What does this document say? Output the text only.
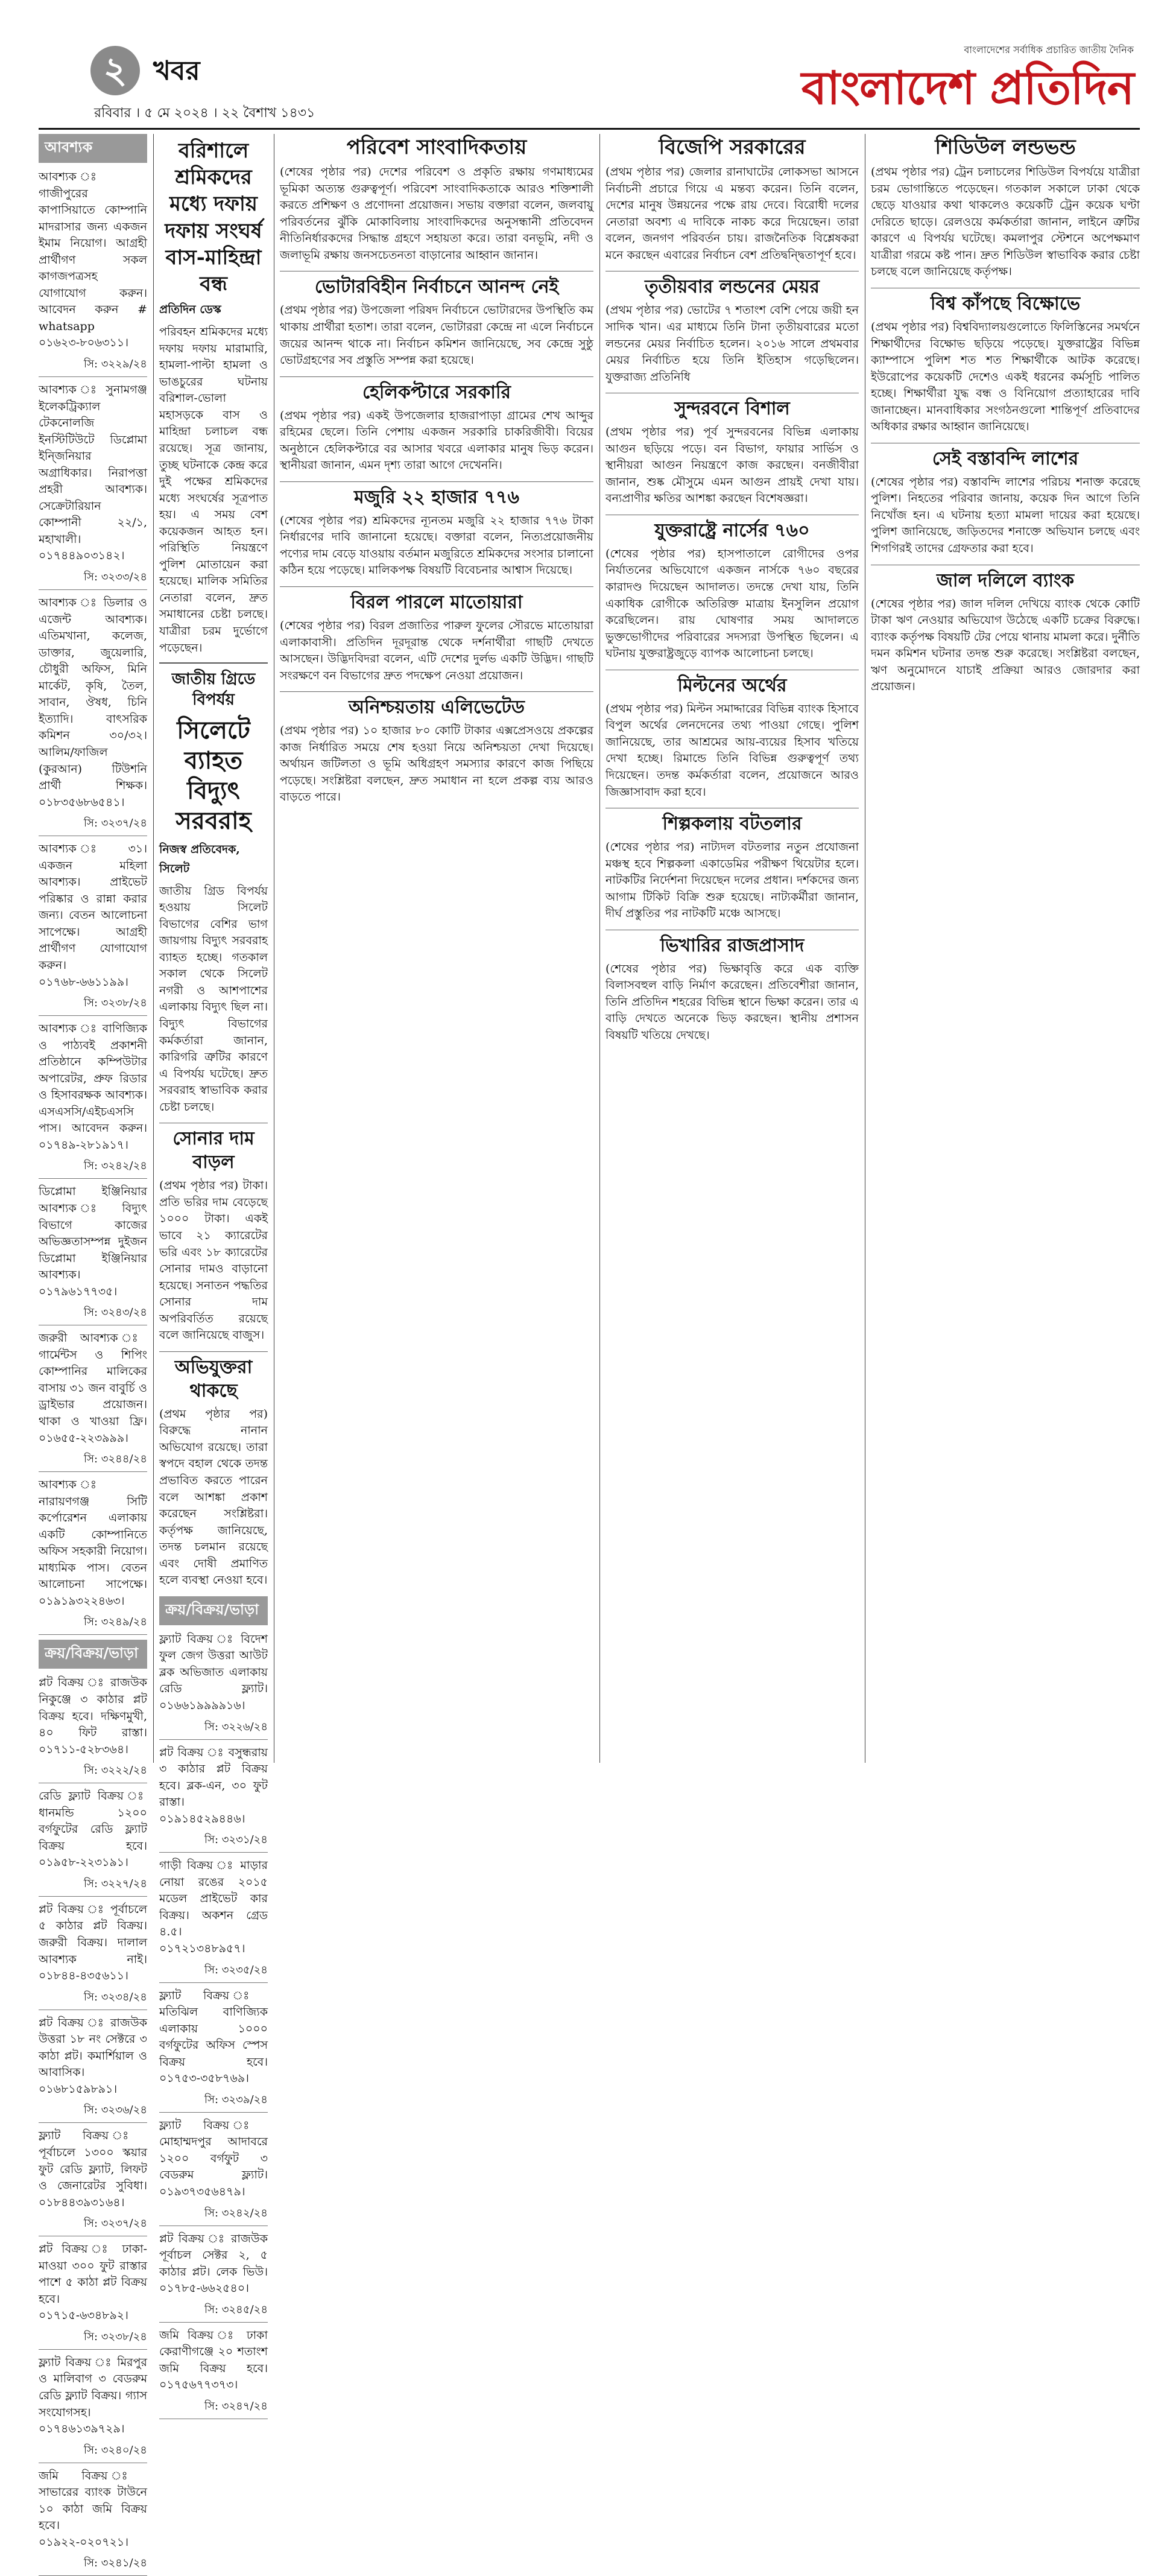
২ খবর
রবিবার । ৫ মে ২০২৪ । ২২ বৈশাখ ১৪৩১
বাংলাদেশের সর্বাধিক প্রচারিত জাতীয় দৈনিক
বাংলাদেশ প্রতিদিন
আবশ্যক

আবশ্যক ঃ গাজীপুরের কাপাসিয়াতে কোম্পানি মাদরাসার জন্য একজন ইমাম নিয়োগ। আগ্রহী প্রার্থীগণ সকল কাগজপত্রসহ যোগাযোগ করুন। আবেদন করুন # whatsapp ০১৬২৩-৮০৬৩১১।

সি: ৩২২৯/২৪

আবশ্যক ঃ সুনামগঞ্জ ইলেকট্রিক্যাল টেকনোলজি ইনস্টিটিউটে ডিপ্লোমা ইন্জিনিয়ার অগ্রাধিকার। নিরাপত্তা প্রহরী আবশ্যক। সেক্রেটারিয়ান কোম্পানী ২২/১, মহাখালী। ০১৭৪৪৯০৩১৪২।

সি: ৩২৩৩/২৪

আবশ্যক ঃ ডিলার ও এজেন্ট আবশ্যক। এতিমখানা, কলেজ, ডাক্তার, জুয়েলারি, চৌধুরী অফিস, মিনি মার্কেট, কৃষি, তৈল, সাবান, ঔষধ, চিনি ইত্যাদি। বাৎসরিক কমিশন ৩০/৩২। আলিম/ফাজিল (কুরআন) টিউশনি প্রার্থী শিক্ষক। ০১৮৩৫৬৮৬৫৪১।

সি: ৩২৩৭/২৪

আবশ্যক ঃ ৩১। একজন মহিলা আবশ্যক। প্রাইভেট পরিষ্কার ও রান্না করার জন্য। বেতন আলোচনা সাপেক্ষে। আগ্রহী প্রার্থীগণ যোগাযোগ করুন। ০১৭৬৮-৬৬১১৯৯।

সি: ৩২৩৮/২৪

আবশ্যক ঃ বাণিজ্যিক ও পাঠ্যবই প্রকাশনী প্রতিষ্ঠানে কম্পিউটার অপারেটর, প্রুফ রিডার ও হিসাবরক্ষক আবশ্যক। এসএসসি/এইচএসসি পাস। আবেদন করুন। ০১৭৪৯-২৮১৯১৭।

সি: ৩২৪২/২৪

ডিপ্লোমা ইঞ্জিনিয়ার আবশ্যক ঃ বিদ্যুৎ বিভাগে কাজের অভিজ্ঞতাসম্পন্ন দুইজন ডিপ্লোমা ইঞ্জিনিয়ার আবশ্যক। ০১৭৯৬১৭৭৩৫।

সি: ৩২৪৩/২৪

জরুরী আবশ্যক ঃ গার্মেন্টস ও শিপিং কোম্পানির মালিকের বাসায় ৩১ জন বাবুর্চি ও ড্রাইভার প্রয়োজন। থাকা ও খাওয়া ফ্রি। ০১৬৫৫-২২৩৯৯৯।

সি: ৩২৪৪/২৪

আবশ্যক ঃ নারায়ণগঞ্জ সিটি কর্পোরেশন এলাকায় একটি কোম্পানিতে অফিস সহকারী নিয়োগ। মাধ্যমিক পাস। বেতন আলোচনা সাপেক্ষে। ০১৯১৯৩২২৪৬৩।

সি: ৩২৪৯/২৪
ক্রয়/বিক্রয়/ভাড়া

প্লট বিক্রয় ঃ রাজউক নিকুঞ্জে ৩ কাঠার প্লট বিক্রয় হবে। দক্ষিণমুখী, ৪০ ফিট রাস্তা। ০১৭১১-৫২৮৩৬৪।

সি: ৩২২২/২৪

রেডি ফ্ল্যাট বিক্রয় ঃ ধানমন্ডি ১২০০ বর্গফুটের রেডি ফ্ল্যাট বিক্রয় হবে। ০১৯৫৮-২২৩১৯১।

সি: ৩২২৭/২৪

প্লট বিক্রয় ঃ পূর্বাচলে ৫ কাঠার প্লট বিক্রয়। জরুরী বিক্রয়। দালাল আবশ্যক নাই। ০১৮৪৪-৪৩৫৬১১।

সি: ৩২৩৪/২৪

প্লট বিক্রয় ঃ রাজউক উত্তরা ১৮ নং সেক্টরে ৩ কাঠা প্লট। কমার্শিয়াল ও আবাসিক। ০১৬৮১৫৯৮৯১।

সি: ৩২৩৬/২৪

ফ্ল্যাট বিক্রয় ঃ পূর্বাচলে ১৩০০ স্কয়ার ফুট রেডি ফ্ল্যাট, লিফট ও জেনারেটর সুবিধা। ০১৮৪৪৩৯৩১৬৪।

সি: ৩২৩৭/২৪

প্লট বিক্রয় ঃ ঢাকা-মাওয়া ৩০০ ফুট রাস্তার পাশে ৫ কাঠা প্লট বিক্রয় হবে। ০১৭১৫-৬৩৪৮৯২।

সি: ৩২৩৮/২৪

ফ্ল্যাট বিক্রয় ঃ মিরপুর ও মালিবাগ ৩ বেডরুম রেডি ফ্ল্যাট বিক্রয়। গ্যাস সংযোগসহ। ০১৭৪৬১৩৯৭২৯।

সি: ৩২৪০/২৪

জমি বিক্রয় ঃ সাভারের ব্যাংক টাউনে ১০ কাঠা জমি বিক্রয় হবে। ০১৯২২-০২০৭২১।

সি: ৩২৪১/২৪
বরিশালে শ্রমিকদের মধ্যে দফায় দফায় সংঘর্ষ বাস-মাহিন্দ্রা বন্ধ
প্রতিদিন ডেস্ক

পরিবহন শ্রমিকদের মধ্যে দফায় দফায় মারামারি, হামলা-পাল্টা হামলা ও ভাঙচুরের ঘটনায় বরিশাল-ভোলা মহাসড়কে বাস ও মাহিন্দ্রা চলাচল বন্ধ রয়েছে। সূত্র জানায়, তুচ্ছ ঘটনাকে কেন্দ্র করে দুই পক্ষের শ্রমিকদের মধ্যে সংঘর্ষের সূত্রপাত হয়। এ সময় বেশ কয়েকজন আহত হন। পরিস্থিতি নিয়ন্ত্রণে পুলিশ মোতায়েন করা হয়েছে। মালিক সমিতির নেতারা বলেন, দ্রুত সমাধানের চেষ্টা চলছে। যাত্রীরা চরম দুর্ভোগে পড়েছেন।

জাতীয় গ্রিডে বিপর্যয়
সিলেটে ব্যাহত বিদ্যুৎ সরবরাহ
নিজস্ব প্রতিবেদক, সিলেট

জাতীয় গ্রিড বিপর্যয় হওয়ায় সিলেট বিভাগের বেশির ভাগ জায়গায় বিদ্যুৎ সরবরাহ ব্যাহত হচ্ছে। গতকাল সকাল থেকে সিলেট নগরী ও আশপাশের এলাকায় বিদ্যুৎ ছিল না। বিদ্যুৎ বিভাগের কর্মকর্তারা জানান, কারিগরি ত্রুটির কারণে এ বিপর্যয় ঘটেছে। দ্রুত সরবরাহ স্বাভাবিক করার চেষ্টা চলছে।

সোনার দাম বাড়ল

(প্রথম পৃষ্ঠার পর) টাকা। প্রতি ভরির দাম বেড়েছে ১০০০ টাকা। একই ভাবে ২১ ক্যারেটের ভরি এবং ১৮ ক্যারেটের সোনার দামও বাড়ানো হয়েছে। সনাতন পদ্ধতির সোনার দাম অপরিবর্তিত রয়েছে বলে জানিয়েছে বাজুস।

অভিযুক্তরা থাকছে

(প্রথম পৃষ্ঠার পর) বিরুদ্ধে নানান অভিযোগ রয়েছে। তারা স্বপদে বহাল থেকে তদন্ত প্রভাবিত করতে পারেন বলে আশঙ্কা প্রকাশ করেছেন সংশ্লিষ্টরা। কর্তৃপক্ষ জানিয়েছে, তদন্ত চলমান রয়েছে এবং দোষী প্রমাণিত হলে ব্যবস্থা নেওয়া হবে।

ক্রয়/বিক্রয়/ভাড়া

ফ্ল্যাট বিক্রয় ঃ বিদেশ ফুল জেগ উত্তরা আউট ব্লক অভিজাত এলাকায় রেডি ফ্ল্যাট। ০১৬৬১৯৯৯৯১৬।

সি: ৩২২৬/২৪

প্লট বিক্রয় ঃ বসুন্ধরায় ৩ কাঠার প্লট বিক্রয় হবে। ব্লক-এন, ৩০ ফুট রাস্তা। ০১৯১৪৫২৯৪৪৬।

সি: ৩২৩১/২৪

গাড়ী বিক্রয় ঃ মাড়ার নোয়া রঙের ২০১৫ মডেল প্রাইভেট কার বিক্রয়। অকশন গ্রেড ৪.৫। ০১৭২১৩৪৮৯৫৭।

সি: ৩২৩৫/২৪

ফ্ল্যাট বিক্রয় ঃ মতিঝিল বাণিজ্যিক এলাকায় ১০০০ বর্গফুটের অফিস স্পেস বিক্রয় হবে। ০১৭৫৩-৩৫৮৭৬৯।

সি: ৩২৩৯/২৪

ফ্ল্যাট বিক্রয় ঃ মোহাম্মদপুর আদাবরে ১২০০ বর্গফুট ৩ বেডরুম ফ্ল্যাট। ০১৯৩৭৩৫৬৪৭৯।

সি: ৩২৪২/২৪

প্লট বিক্রয় ঃ রাজউক পূর্বাচল সেক্টর ২, ৫ কাঠার প্লট। লেক ভিউ। ০১৭৮৫-৬৬২৫৪০।

সি: ৩২৪৫/২৪

জমি বিক্রয় ঃ ঢাকা কেরাণীগঞ্জে ২০ শতাংশ জমি বিক্রয় হবে। ০১৭৫৬৭৭৩৭৩।

সি: ৩২৪৭/২৪
পরিবেশ সাংবাদিকতায়

(শেষের পৃষ্ঠার পর) দেশের পরিবেশ ও প্রকৃতি রক্ষায় গণমাধ্যমের ভূমিকা অত্যন্ত গুরুত্বপূর্ণ। পরিবেশ সাংবাদিকতাকে আরও শক্তিশালী করতে প্রশিক্ষণ ও প্রণোদনা প্রয়োজন। সভায় বক্তারা বলেন, জলবায়ু পরিবর্তনের ঝুঁকি মোকাবিলায় সাংবাদিকদের অনুসন্ধানী প্রতিবেদন নীতিনির্ধারকদের সিদ্ধান্ত গ্রহণে সহায়তা করে। তারা বনভূমি, নদী ও জলাভূমি রক্ষায় জনসচেতনতা বাড়ানোর আহ্বান জানান।

ভোটারবিহীন নির্বাচনে আনন্দ নেই

(প্রথম পৃষ্ঠার পর) উপজেলা পরিষদ নির্বাচনে ভোটারদের উপস্থিতি কম থাকায় প্রার্থীরা হতাশ। তারা বলেন, ভোটাররা কেন্দ্রে না এলে নির্বাচনে জয়ের আনন্দ থাকে না। নির্বাচন কমিশন জানিয়েছে, সব কেন্দ্রে সুষ্ঠু ভোটগ্রহণের সব প্রস্তুতি সম্পন্ন করা হয়েছে।

হেলিকপ্টারে সরকারি

(প্রথম পৃষ্ঠার পর) একই উপজেলার হাজরাপাড়া গ্রামের শেখ আব্দুর রহিমের ছেলে। তিনি পেশায় একজন সরকারি চাকরিজীবী। বিয়ের অনুষ্ঠানে হেলিকপ্টারে বর আসার খবরে এলাকার মানুষ ভিড় করেন। স্থানীয়রা জানান, এমন দৃশ্য তারা আগে দেখেননি।

মজুরি ২২ হাজার ৭৭৬

(শেষের পৃষ্ঠার পর) শ্রমিকদের ন্যূনতম মজুরি ২২ হাজার ৭৭৬ টাকা নির্ধারণের দাবি জানানো হয়েছে। বক্তারা বলেন, নিত্যপ্রয়োজনীয় পণ্যের দাম বেড়ে যাওয়ায় বর্তমান মজুরিতে শ্রমিকদের সংসার চালানো কঠিন হয়ে পড়েছে। মালিকপক্ষ বিষয়টি বিবেচনার আশ্বাস দিয়েছে।

বিরল পারলে মাতোয়ারা

(শেষের পৃষ্ঠার পর) বিরল প্রজাতির পারুল ফুলের সৌরভে মাতোয়ারা এলাকাবাসী। প্রতিদিন দূরদূরান্ত থেকে দর্শনার্থীরা গাছটি দেখতে আসছেন। উদ্ভিদবিদরা বলেন, এটি দেশের দুর্লভ একটি উদ্ভিদ। গাছটি সংরক্ষণে বন বিভাগের দ্রুত পদক্ষেপ নেওয়া প্রয়োজন।

অনিশ্চয়তায় এলিভেটেড

(প্রথম পৃষ্ঠার পর) ১০ হাজার ৮০ কোটি টাকার এক্সপ্রেসওয়ে প্রকল্পের কাজ নির্ধারিত সময়ে শেষ হওয়া নিয়ে অনিশ্চয়তা দেখা দিয়েছে। অর্থায়ন জটিলতা ও ভূমি অধিগ্রহণ সমস্যার কারণে কাজ পিছিয়ে পড়েছে। সংশ্লিষ্টরা বলছেন, দ্রুত সমাধান না হলে প্রকল্প ব্যয় আরও বাড়তে পারে।

বিজেপি সরকারের

(প্রথম পৃষ্ঠার পর) জেলার রানাঘাটের লোকসভা আসনে নির্বাচনী প্রচারে গিয়ে এ মন্তব্য করেন। তিনি বলেন, দেশের মানুষ উন্নয়নের পক্ষে রায় দেবে। বিরোধী দলের নেতারা অবশ্য এ দাবিকে নাকচ করে দিয়েছেন। তারা বলেন, জনগণ পরিবর্তন চায়। রাজনৈতিক বিশ্লেষকরা মনে করছেন এবারের নির্বাচন বেশ প্রতিদ্বন্দ্বিতাপূর্ণ হবে।

তৃতীয়বার লন্ডনের মেয়র

(প্রথম পৃষ্ঠার পর) ভোটের ৭ শতাংশ বেশি পেয়ে জয়ী হন সাদিক খান। এর মাধ্যমে তিনি টানা তৃতীয়বারের মতো লন্ডনের মেয়র নির্বাচিত হলেন। ২০১৬ সালে প্রথমবার মেয়র নির্বাচিত হয়ে তিনি ইতিহাস গড়েছিলেন। যুক্তরাজ্য প্রতিনিধি

সুন্দরবনে বিশাল

(প্রথম পৃষ্ঠার পর) পূর্ব সুন্দরবনের বিভিন্ন এলাকায় আগুন ছড়িয়ে পড়ে। বন বিভাগ, ফায়ার সার্ভিস ও স্থানীয়রা আগুন নিয়ন্ত্রণে কাজ করছেন। বনজীবীরা জানান, শুষ্ক মৌসুমে এমন আগুন প্রায়ই দেখা যায়। বন্যপ্রাণীর ক্ষতির আশঙ্কা করছেন বিশেষজ্ঞরা।

যুক্তরাষ্ট্রে নার্সের ৭৬০

(শেষের পৃষ্ঠার পর) হাসপাতালে রোগীদের ওপর নির্যাতনের অভিযোগে একজন নার্সকে ৭৬০ বছরের কারাদণ্ড দিয়েছেন আদালত। তদন্তে দেখা যায়, তিনি একাধিক রোগীকে অতিরিক্ত মাত্রায় ইনসুলিন প্রয়োগ করেছিলেন। রায় ঘোষণার সময় আদালতে ভুক্তভোগীদের পরিবারের সদস্যরা উপস্থিত ছিলেন। এ ঘটনায় যুক্তরাষ্ট্রজুড়ে ব্যাপক আলোচনা চলছে।

মিল্টনের অর্থের

(প্রথম পৃষ্ঠার পর) মিল্টন সমাদ্দারের বিভিন্ন ব্যাংক হিসাবে বিপুল অর্থের লেনদেনের তথ্য পাওয়া গেছে। পুলিশ জানিয়েছে, তার আশ্রমের আয়-ব্যয়ের হিসাব খতিয়ে দেখা হচ্ছে। রিমান্ডে তিনি বিভিন্ন গুরুত্বপূর্ণ তথ্য দিয়েছেন। তদন্ত কর্মকর্তারা বলেন, প্রয়োজনে আরও জিজ্ঞাসাবাদ করা হবে।

শিল্পকলায় বটতলার

(শেষের পৃষ্ঠার পর) নাট্যদল বটতলার নতুন প্রযোজনা মঞ্চস্থ হবে শিল্পকলা একাডেমির পরীক্ষণ থিয়েটার হলে। নাটকটির নির্দেশনা দিয়েছেন দলের প্রধান। দর্শকদের জন্য আগাম টিকিট বিক্রি শুরু হয়েছে। নাট্যকর্মীরা জানান, দীর্ঘ প্রস্তুতির পর নাটকটি মঞ্চে আসছে।

ভিখারির রাজপ্রাসাদ

(শেষের পৃষ্ঠার পর) ভিক্ষাবৃত্তি করে এক ব্যক্তি বিলাসবহুল বাড়ি নির্মাণ করেছেন। প্রতিবেশীরা জানান, তিনি প্রতিদিন শহরের বিভিন্ন স্থানে ভিক্ষা করেন। তার এ বাড়ি দেখতে অনেকে ভিড় করছেন। স্থানীয় প্রশাসন বিষয়টি খতিয়ে দেখছে।

শিডিউল লন্ডভন্ড

(প্রথম পৃষ্ঠার পর) ট্রেন চলাচলের শিডিউল বিপর্যয়ে যাত্রীরা চরম ভোগান্তিতে পড়েছেন। গতকাল সকালে ঢাকা থেকে ছেড়ে যাওয়ার কথা থাকলেও কয়েকটি ট্রেন কয়েক ঘণ্টা দেরিতে ছাড়ে। রেলওয়ে কর্মকর্তারা জানান, লাইনে ত্রুটির কারণে এ বিপর্যয় ঘটেছে। কমলাপুর স্টেশনে অপেক্ষমাণ যাত্রীরা গরমে কষ্ট পান। দ্রুত শিডিউল স্বাভাবিক করার চেষ্টা চলছে বলে জানিয়েছে কর্তৃপক্ষ।

বিশ্ব কাঁপছে বিক্ষোভে

(প্রথম পৃষ্ঠার পর) বিশ্ববিদ্যালয়গুলোতে ফিলিস্তিনের সমর্থনে শিক্ষার্থীদের বিক্ষোভ ছড়িয়ে পড়েছে। যুক্তরাষ্ট্রের বিভিন্ন ক্যাম্পাসে পুলিশ শত শত শিক্ষার্থীকে আটক করেছে। ইউরোপের কয়েকটি দেশেও একই ধরনের কর্মসূচি পালিত হচ্ছে। শিক্ষার্থীরা যুদ্ধ বন্ধ ও বিনিয়োগ প্রত্যাহারের দাবি জানাচ্ছেন। মানবাধিকার সংগঠনগুলো শান্তিপূর্ণ প্রতিবাদের অধিকার রক্ষার আহ্বান জানিয়েছে।

সেই বস্তাবন্দি লাশের

(শেষের পৃষ্ঠার পর) বস্তাবন্দি লাশের পরিচয় শনাক্ত করেছে পুলিশ। নিহতের পরিবার জানায়, কয়েক দিন আগে তিনি নিখোঁজ হন। এ ঘটনায় হত্যা মামলা দায়ের করা হয়েছে। পুলিশ জানিয়েছে, জড়িতদের শনাক্তে অভিযান চলছে এবং শিগগিরই তাদের গ্রেফতার করা হবে।

জাল দলিলে ব্যাংক

(শেষের পৃষ্ঠার পর) জাল দলিল দেখিয়ে ব্যাংক থেকে কোটি টাকা ঋণ নেওয়ার অভিযোগ উঠেছে একটি চক্রের বিরুদ্ধে। ব্যাংক কর্তৃপক্ষ বিষয়টি টের পেয়ে থানায় মামলা করে। দুর্নীতি দমন কমিশন ঘটনার তদন্ত শুরু করেছে। সংশ্লিষ্টরা বলছেন, ঋণ অনুমোদনে যাচাই প্রক্রিয়া আরও জোরদার করা প্রয়োজন।
